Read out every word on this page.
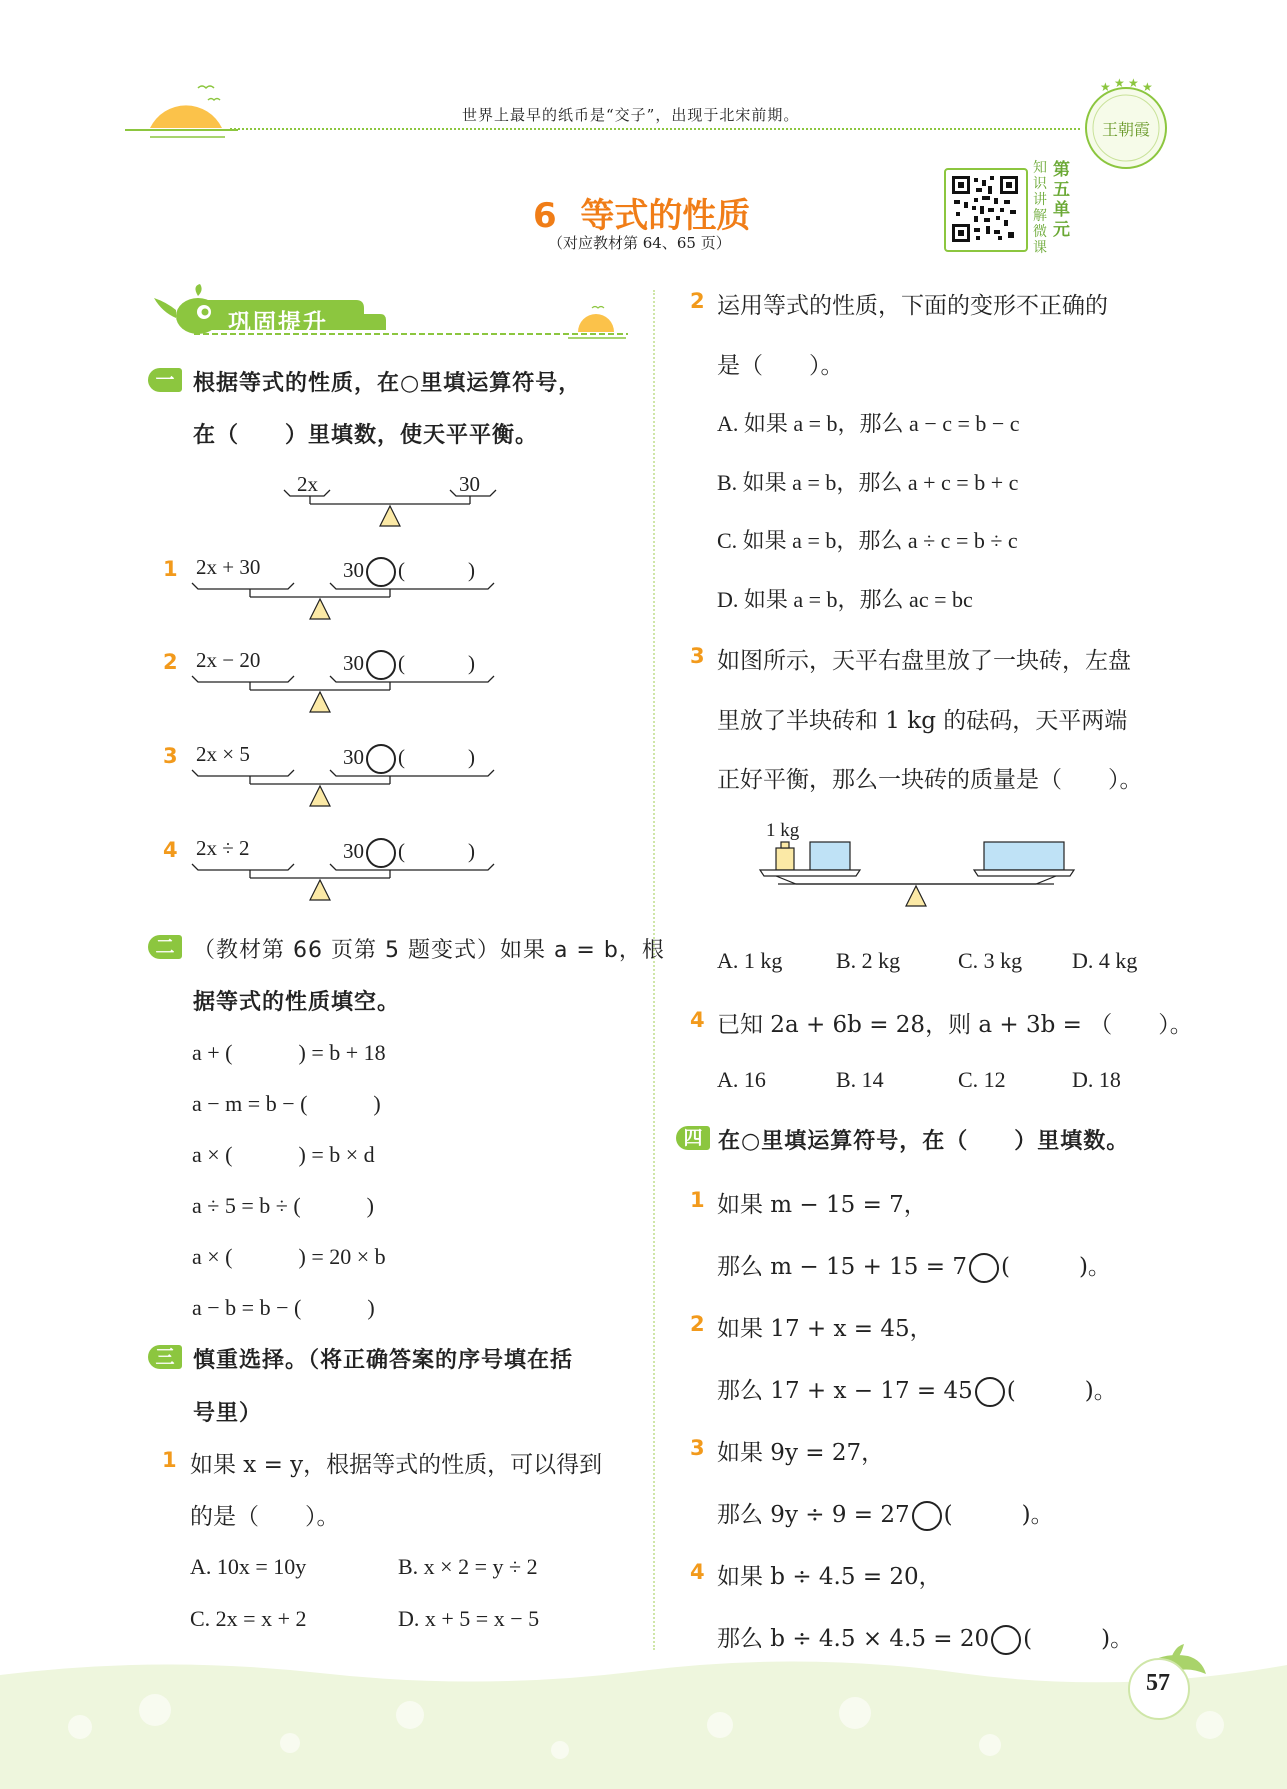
世界上最早的纸币是“交子”，出现于北宋前期。
★ ★ ★ ★
王朝霞
6 等式的性质
（对应教材第 64、65 页）
知识讲解微课
第五单元
巩固提升
一 根据等式的性质，在○里填运算符号，
在（　　）里填数，使天平平衡。
2x	30
1 2x + 30	30 (　　　)
2 2x − 20	30 (　　　)
3 2x × 5	30 (　　　)
4 2x ÷ 2	30 (　　　)
二 （教材第 66 页第 5 题变式）如果 a = b，根
据等式的性质填空。
a + (　　　) = b + 18
a − m = b − (　　　)
a × (　　　) = b × d
a ÷ 5 = b ÷ (　　　)
a × (　　　) = 20 × b
a − b = b − (　　　)
三 慎重选择。（将正确答案的序号填在括
号里）
1 如果 x = y，根据等式的性质，可以得到
的是（　　）。
A. 10x = 10y	B. x × 2 = y ÷ 2
C. 2x = x + 2	D. x + 5 = x − 5
2 运用等式的性质，下面的变形不正确的
是（　　）。
A. 如果 a = b，那么 a − c = b − c
B. 如果 a = b，那么 a + c = b + c
C. 如果 a = b，那么 a ÷ c = b ÷ c
D. 如果 a = b，那么 ac = bc
3 如图所示，天平右盘里放了一块砖，左盘
里放了半块砖和 1 kg 的砝码，天平两端
正好平衡，那么一块砖的质量是（　　）。
1 kg
A. 1 kg B. 2 kg	C. 3 kg D. 4 kg
4 已知 2a + 6b = 28，则 a + 3b = （　　）。
A. 16	B. 14	C. 12	D. 18
四 在○里填运算符号，在（　　）里填数。
1 如果 m − 15 = 7，
那么 m − 15 + 15 = 7 (　　　)。
2 如果 17 + x = 45，
那么 17 + x − 17 = 45 (　　　)。
3 如果 9y = 27，
那么 9y ÷ 9 = 27 (　　　)。
4 如果 b ÷ 4.5 = 20，
那么 b ÷ 4.5 × 4.5 = 20 (　　　)。
57
